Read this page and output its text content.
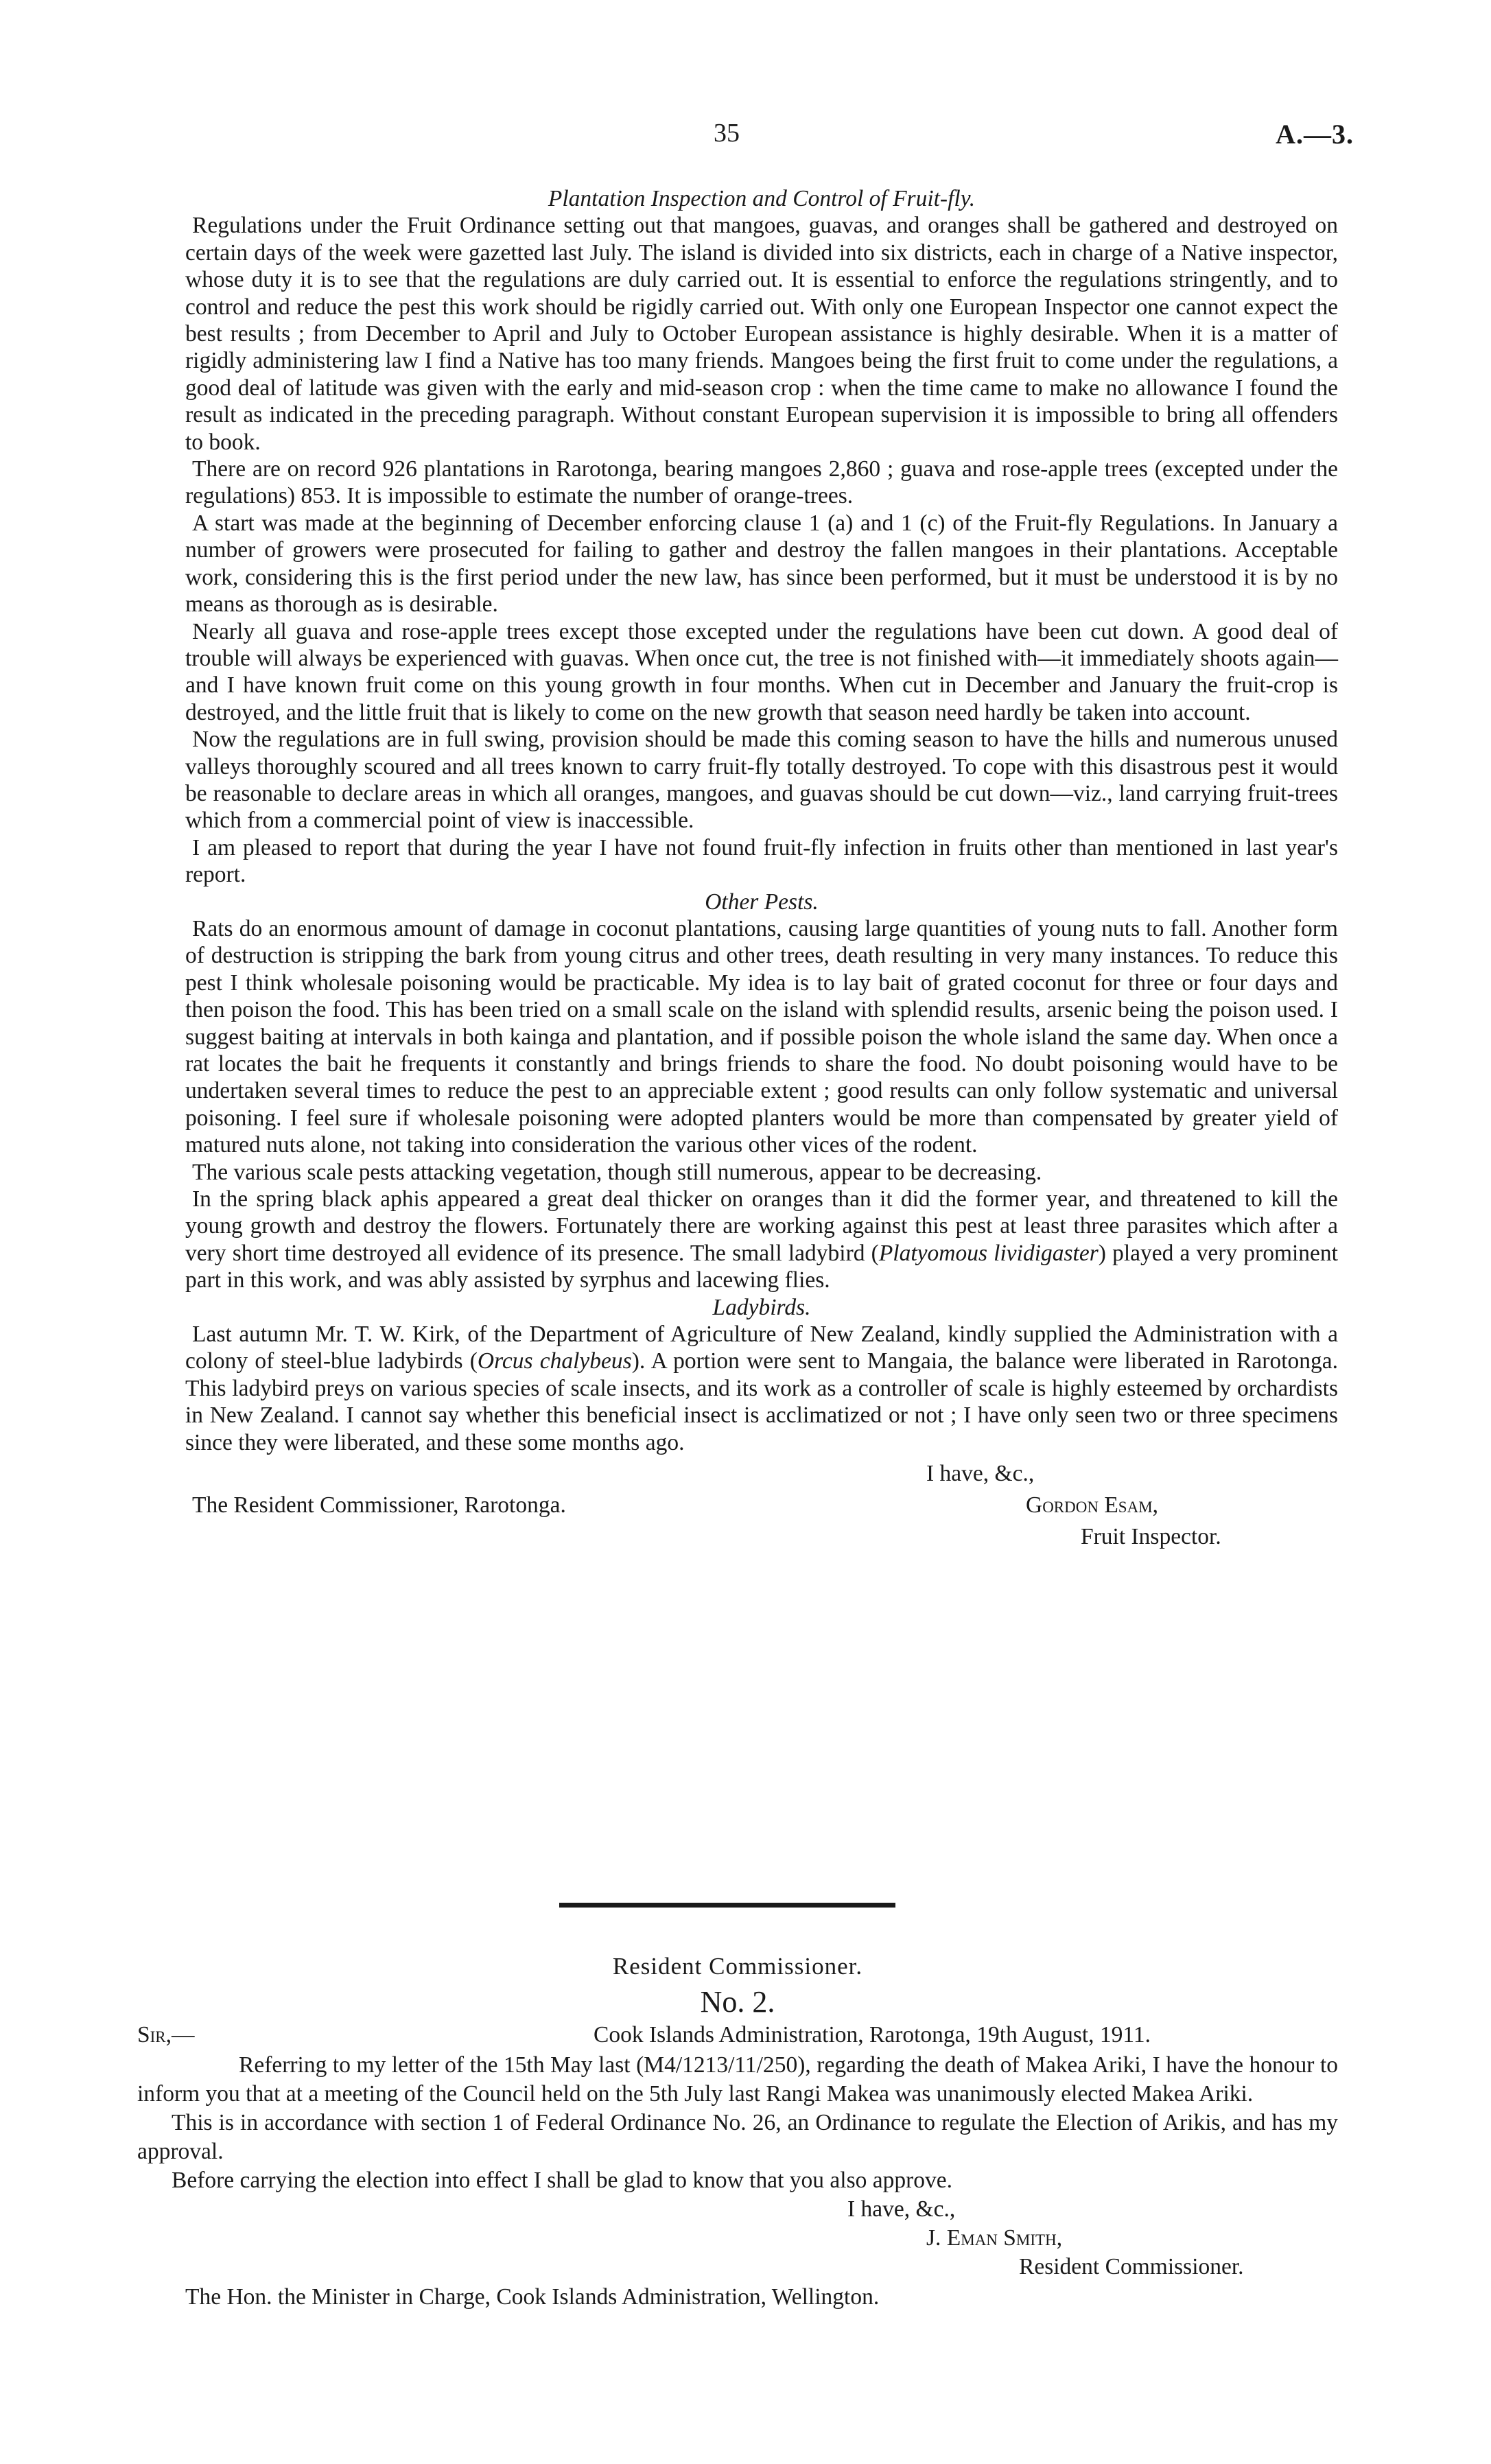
35	A.—3.

Plantation Inspection and Control of Fruit-fly.

Regulations under the Fruit Ordinance setting out that mangoes, guavas, and oranges shall be gathered and destroyed on certain days of the week were gazetted last July. The island is divided into six districts, each in charge of a Native inspector, whose duty it is to see that the regulations are duly carried out. It is essential to enforce the regulations stringently, and to control and reduce the pest this work should be rigidly carried out. With only one European Inspector one cannot expect the best results ; from December to April and July to October European assistance is highly desirable. When it is a matter of rigidly administering law I find a Native has too many friends. Mangoes being the first fruit to come under the regulations, a good deal of latitude was given with the early and mid-season crop : when the time came to make no allowance I found the result as indicated in the preceding paragraph. Without constant European supervision it is impossible to bring all offenders to book.

There are on record 926 plantations in Rarotonga, bearing mangoes 2,860 ; guava and rose-apple trees (excepted under the regulations) 853. It is impossible to estimate the number of orange-trees.

A start was made at the beginning of December enforcing clause 1 (a) and 1 (c) of the Fruit-fly Regulations. In January a number of growers were prosecuted for failing to gather and destroy the fallen mangoes in their plantations. Acceptable work, considering this is the first period under the new law, has since been performed, but it must be understood it is by no means as thorough as is desirable.

Nearly all guava and rose-apple trees except those excepted under the regulations have been cut down. A good deal of trouble will always be experienced with guavas. When once cut, the tree is not finished with—it immediately shoots again—and I have known fruit come on this young growth in four months. When cut in December and January the fruit-crop is destroyed, and the little fruit that is likely to come on the new growth that season need hardly be taken into account.

Now the regulations are in full swing, provision should be made this coming season to have the hills and numerous unused valleys thoroughly scoured and all trees known to carry fruit-fly totally destroyed. To cope with this disastrous pest it would be reasonable to declare areas in which all oranges, mangoes, and guavas should be cut down—viz., land carrying fruit-trees which from a commercial point of view is inaccessible.

I am pleased to report that during the year I have not found fruit-fly infection in fruits other than mentioned in last year's report.

Other Pests.

Rats do an enormous amount of damage in coconut plantations, causing large quantities of young nuts to fall. Another form of destruction is stripping the bark from young citrus and other trees, death resulting in very many instances. To reduce this pest I think wholesale poisoning would be practicable. My idea is to lay bait of grated coconut for three or four days and then poison the food. This has been tried on a small scale on the island with splendid results, arsenic being the poison used. I suggest baiting at intervals in both kainga and plantation, and if possible poison the whole island the same day. When once a rat locates the bait he frequents it constantly and brings friends to share the food. No doubt poisoning would have to be undertaken several times to reduce the pest to an appreciable extent ; good results can only follow systematic and universal poisoning. I feel sure if wholesale poisoning were adopted planters would be more than compensated by greater yield of matured nuts alone, not taking into consideration the various other vices of the rodent.

The various scale pests attacking vegetation, though still numerous, appear to be decreasing.

In the spring black aphis appeared a great deal thicker on oranges than it did the former year, and threatened to kill the young growth and destroy the flowers. Fortunately there are working against this pest at least three parasites which after a very short time destroyed all evidence of its presence. The small ladybird (Platyomous lividigaster) played a very prominent part in this work, and was ably assisted by syrphus and lacewing flies.

Ladybirds.

Last autumn Mr. T. W. Kirk, of the Department of Agriculture of New Zealand, kindly supplied the Administration with a colony of steel-blue ladybirds (Orcus chalybeus). A portion were sent to Mangaia, the balance were liberated in Rarotonga. This ladybird preys on various species of scale insects, and its work as a controller of scale is highly esteemed by orchardists in New Zealand. I cannot say whether this beneficial insect is acclimatized or not ; I have only seen two or three specimens since they were liberated, and these some months ago.

I have, &c.,
The Resident Commissioner, Rarotonga.	Gordon Esam,
Fruit Inspector.

Resident Commissioner.

No. 2.

Sir,—	Cook Islands Administration, Rarotonga, 19th August, 1911.

Referring to my letter of the 15th May last (M4/1213/11/250), regarding the death of Makea Ariki, I have the honour to inform you that at a meeting of the Council held on the 5th July last Rangi Makea was unanimously elected Makea Ariki.

This is in accordance with section 1 of Federal Ordinance No. 26, an Ordinance to regulate the Election of Arikis, and has my approval.

Before carrying the election into effect I shall be glad to know that you also approve.

I have, &c.,
J. Eman Smith,
Resident Commissioner.
The Hon. the Minister in Charge, Cook Islands Administration, Wellington.
